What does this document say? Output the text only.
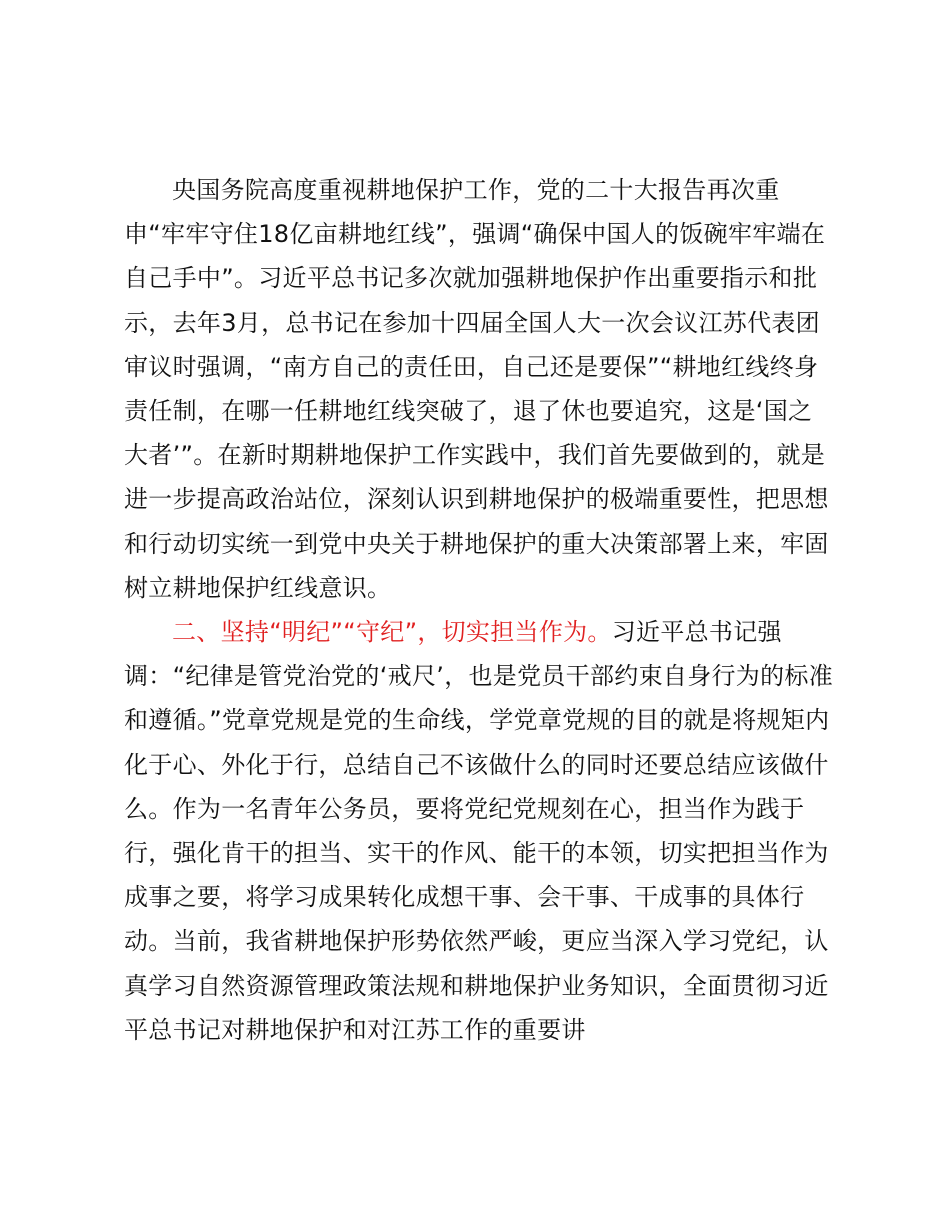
央国务院高度重视耕地保护工作，党的二十大报告再次重申“牢牢守住18亿亩耕地红线”，强调“确保中国人的饭碗牢牢端在自己手中”。习近平总书记多次就加强耕地保护作出重要指示和批示，去年3月，总书记在参加十四届全国人大一次会议江苏代表团审议时强调，“南方自己的责任田，自己还是要保”“耕地红线终身责任制，在哪一任耕地红线突破了，退了休也要追究，这是‘国之大者’”。在新时期耕地保护工作实践中，我们首先要做到的，就是进一步提高政治站位，深刻认识到耕地保护的极端重要性，把思想和行动切实统一到党中央关于耕地保护的重大决策部署上来，牢固树立耕地保护红线意识。

二、坚持“明纪”“守纪”，切实担当作为。习近平总书记强调：“纪律是管党治党的‘戒尺’，也是党员干部约束自身行为的标准和遵循。”党章党规是党的生命线，学党章党规的目的就是将规矩内化于心、外化于行，总结自己不该做什么的同时还要总结应该做什么。作为一名青年公务员，要将党纪党规刻在心，担当作为践于行，强化肯干的担当、实干的作风、能干的本领，切实把担当作为成事之要，将学习成果转化成想干事、会干事、干成事的具体行动。当前，我省耕地保护形势依然严峻，更应当深入学习党纪，认真学习自然资源管理政策法规和耕地保护业务知识，全面贯彻习近平总书记对耕地保护和对江苏工作的重要讲
